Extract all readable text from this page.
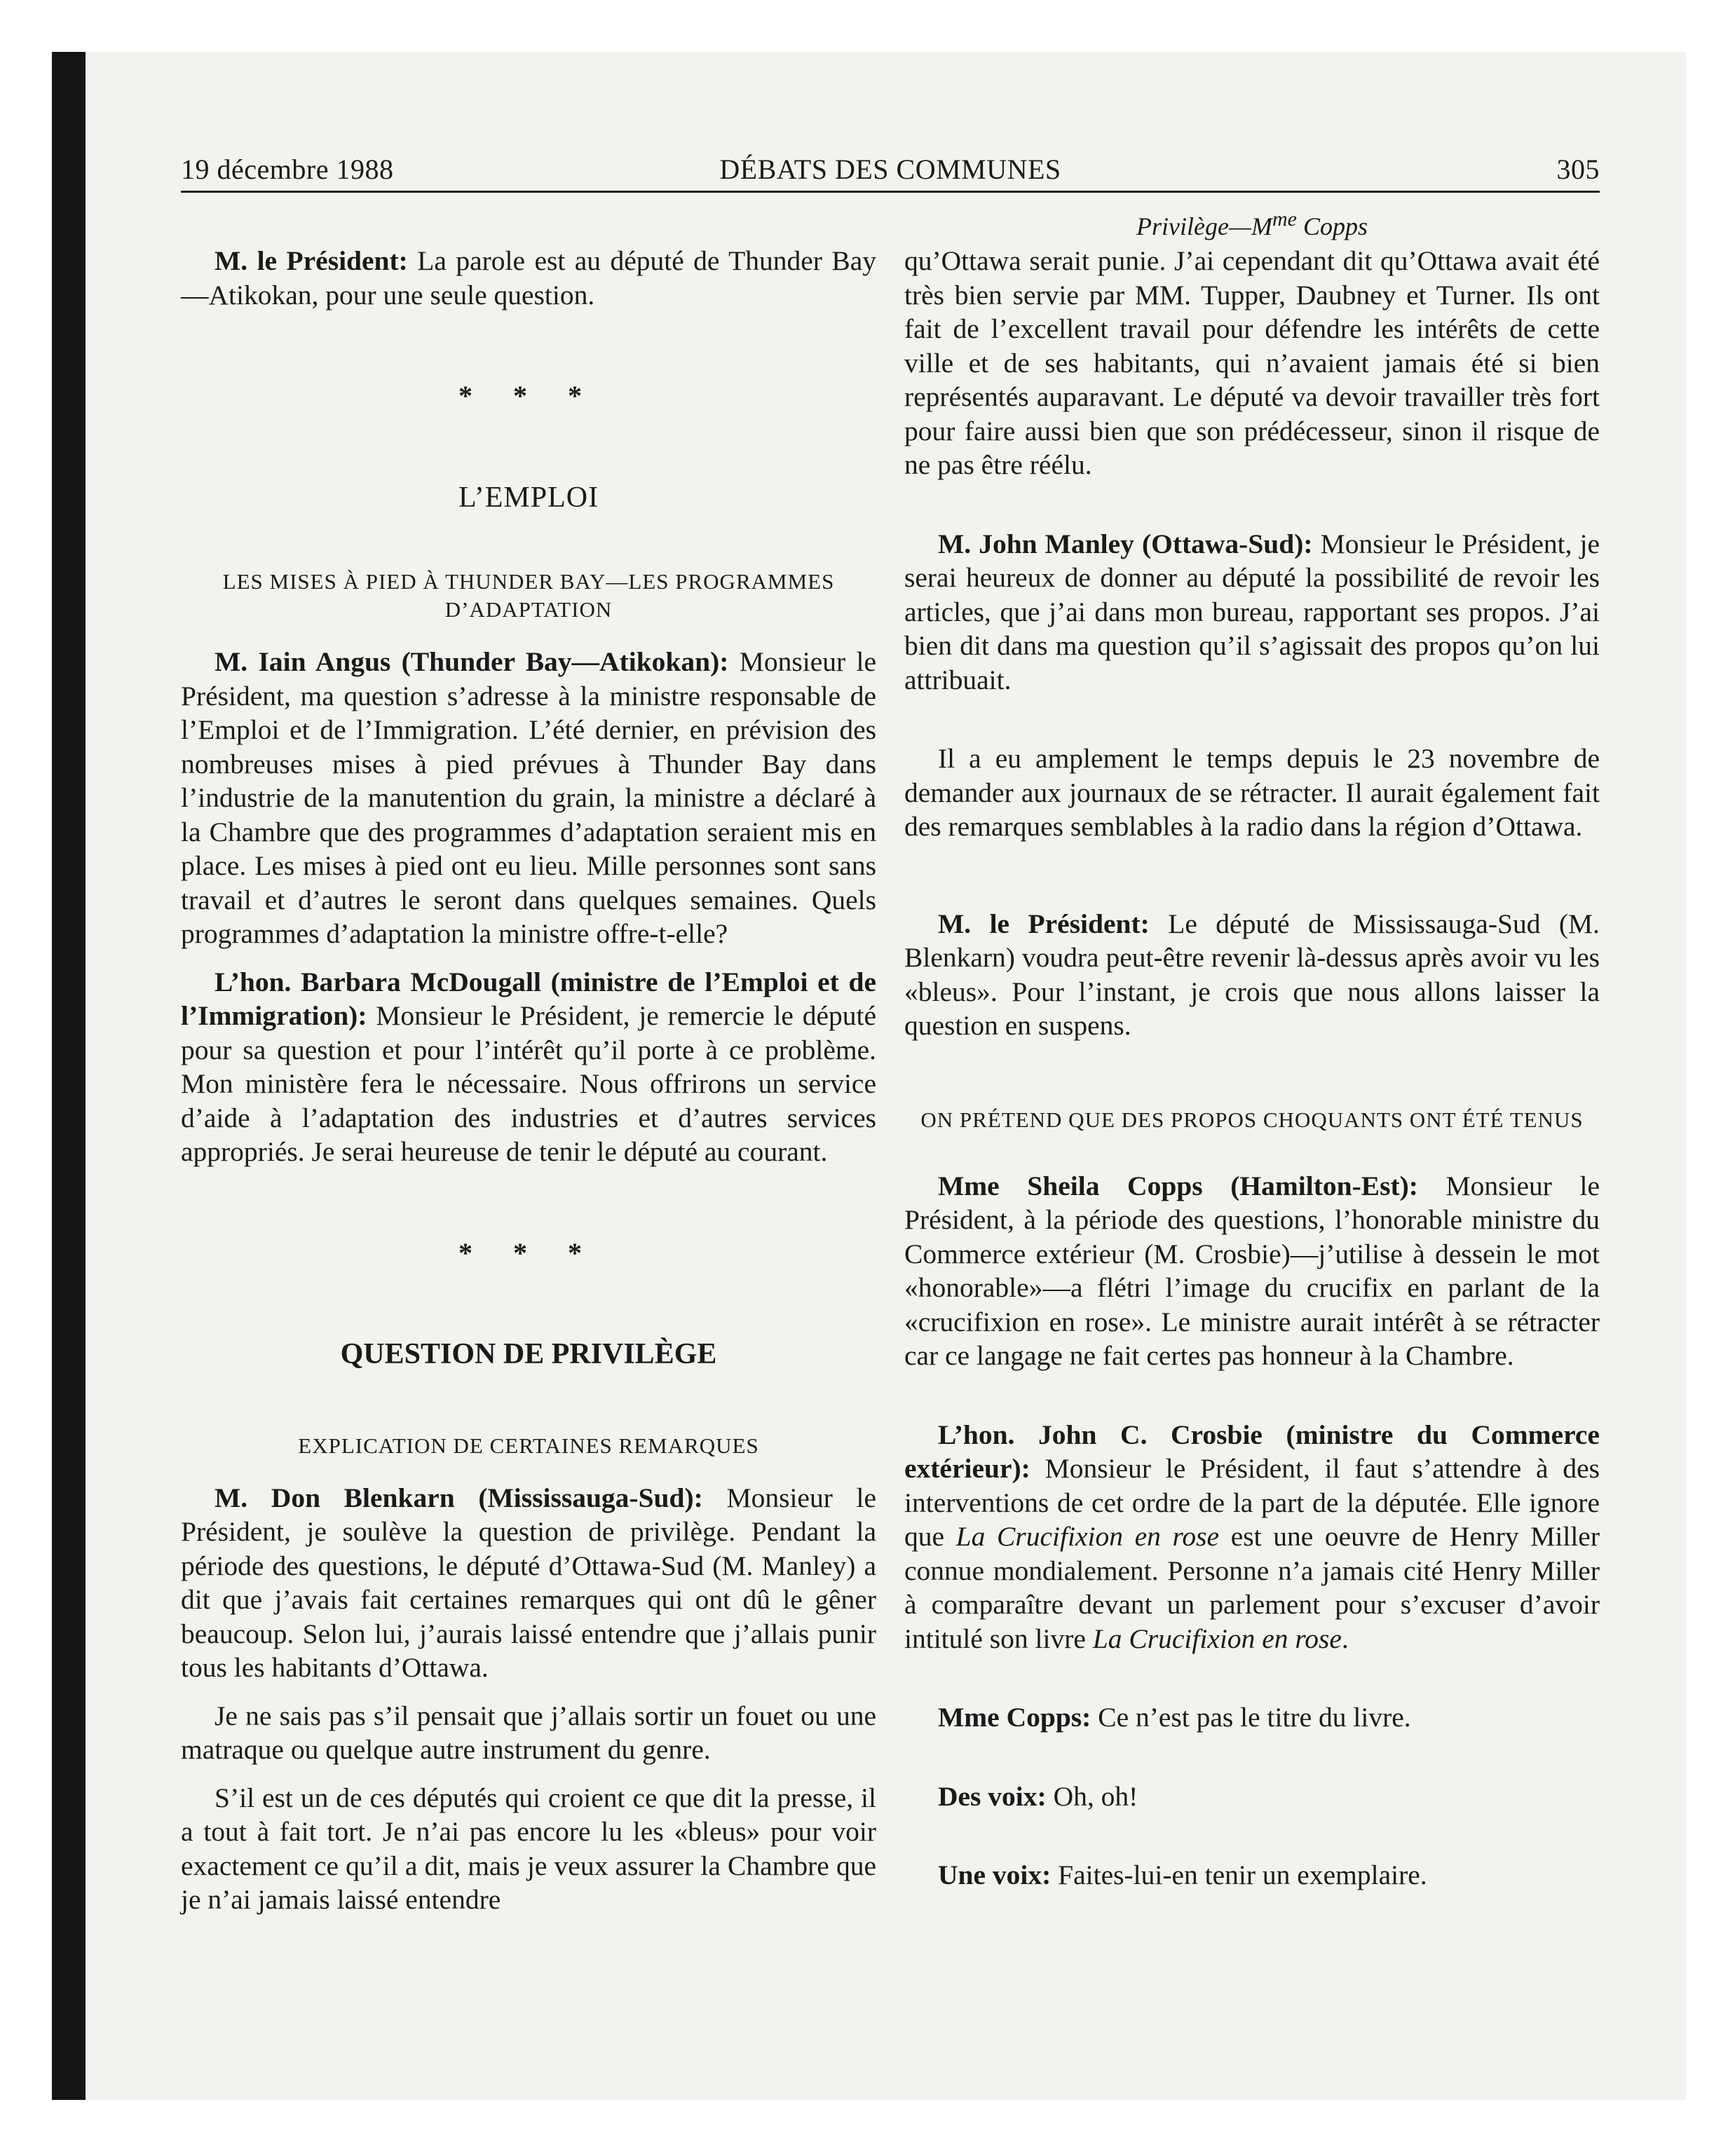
19 décembre 1988	DÉBATS DES COMMUNES	305
$Privilège—M^{me}$ Copps

M. le Président: La parole est au député de Thunder Bay—Atikokan, pour une seule question.

* * *
L’EMPLOI
LES MISES À PIED À THUNDER BAY—LES PROGRAMMES D’ADAPTATION

M. Iain Angus (Thunder Bay—Atikokan): Monsieur le Président, ma question s’adresse à la ministre responsable de l’Emploi et de l’Immigration. L’été dernier, en prévision des nombreuses mises à pied prévues à Thunder Bay dans l’industrie de la manutention du grain, la ministre a déclaré à la Chambre que des programmes d’adaptation seraient mis en place. Les mises à pied ont eu lieu. Mille personnes sont sans travail et d’autres le seront dans quelques semaines. Quels programmes d’adaptation la ministre offre-t-elle?

L’hon. Barbara McDougall (ministre de l’Emploi et de l’Immigration): Monsieur le Président, je remercie le député pour sa question et pour l’intérêt qu’il porte à ce problème. Mon ministère fera le nécessaire. Nous offrirons un service d’aide à l’adaptation des industries et d’autres services appropriés. Je serai heureuse de tenir le député au courant.

* * *
QUESTION DE PRIVILÈGE
EXPLICATION DE CERTAINES REMARQUES

M. Don Blenkarn (Mississauga-Sud): Monsieur le Président, je soulève la question de privilège. Pendant la période des questions, le député d’Ottawa-Sud (M. Manley) a dit que j’avais fait certaines remarques qui ont dû le gêner beaucoup. Selon lui, j’aurais laissé entendre que j’allais punir tous les habitants d’Ottawa.

Je ne sais pas s’il pensait que j’allais sortir un fouet ou une matraque ou quelque autre instrument du genre.

S’il est un de ces députés qui croient ce que dit la presse, il a tout à fait tort. Je n’ai pas encore lu les «bleus» pour voir exactement ce qu’il a dit, mais je veux assurer la Chambre que je n’ai jamais laissé entendre

qu’Ottawa serait punie. J’ai cependant dit qu’Ottawa avait été très bien servie par MM. Tupper, Daubney et Turner. Ils ont fait de l’excellent travail pour défendre les intérêts de cette ville et de ses habitants, qui n’avaient jamais été si bien représentés auparavant. Le député va devoir travailler très fort pour faire aussi bien que son prédécesseur, sinon il risque de ne pas être réélu.

M. John Manley (Ottawa-Sud): Monsieur le Président, je serai heureux de donner au député la possibilité de revoir les articles, que j’ai dans mon bureau, rapportant ses propos. J’ai bien dit dans ma question qu’il s’agissait des propos qu’on lui attribuait.

Il a eu amplement le temps depuis le 23 novembre de demander aux journaux de se rétracter. Il aurait également fait des remarques semblables à la radio dans la région d’Ottawa.

M. le Président: Le député de Mississauga-Sud (M. Blenkarn) voudra peut-être revenir là-dessus après avoir vu les «bleus». Pour l’instant, je crois que nous allons laisser la question en suspens.

ON PRÉTEND QUE DES PROPOS CHOQUANTS ONT ÉTÉ TENUS

Mme Sheila Copps (Hamilton-Est): Monsieur le Président, à la période des questions, l’honorable ministre du Commerce extérieur (M. Crosbie)—j’utilise à dessein le mot «honorable»—a flétri l’image du crucifix en parlant de la «crucifixion en rose». Le ministre aurait intérêt à se rétracter car ce langage ne fait certes pas honneur à la Chambre.

L’hon. John C. Crosbie (ministre du Commerce extérieur): Monsieur le Président, il faut s’attendre à des interventions de cet ordre de la part de la députée. Elle ignore que La Crucifixion en rose est une oeuvre de Henry Miller connue mondialement. Personne n’a jamais cité Henry Miller à comparaître devant un parlement pour s’excuser d’avoir intitulé son livre La Crucifixion en rose.

Mme Copps: Ce n’est pas le titre du livre.

Des voix: Oh, oh!

Une voix: Faites-lui-en tenir un exemplaire.
